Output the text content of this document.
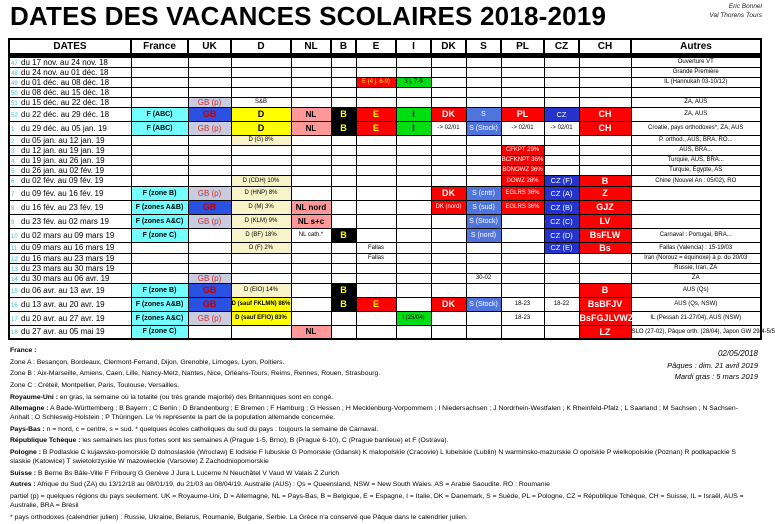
DATES DES VACANCES SCOLAIRES 2018-2019	Eric Bonnel
Val Thorens Tours
DATES	France	UK	D	NL	B	E	I	DK	S	PL	CZ	CH	Autres
47 du 17 nov. au 24 nov. 18													Ouverture VT
48 du 24 nov. au 01 déc. 18													Grande Première
49 du 01 déc. au 08 déc. 18						E (4 j. 6-9)	3 j. 7-9						IL (Hannukah 03-10/12)
50 du 08 déc. au 15 déc. 18													
51 du 15 déc. au 22 déc. 18		GB (p)	S&B										ZA, AUS
52 du 22 déc. au 29 déc. 18	F (ABC)	GB	D	NL	B	E	I	DK	S	PL	CZ	CH	ZA, AUS
1 du 29 déc. au 05 jan. 19	F (ABC)	GB (p)	D	NL	B	E	I	-> 02/01	S (Stock)	-> 02/01	-> 02/01	CH	Croatie, pays orthodoxes*, ZA, AUS
2 du 05 jan. au 12 jan. 19			D (G) 8%										P. orthod., AUS, BRA, RO...
3 du 12 jan. au 19 jan. 19										CFKPT 29%			AUS, BRA...
4 du 19 jan. au 26 jan. 19										BCFKNPT 36%			Turquie, AUS, BRA...
5 du 26 jan. au 02 fév. 19										BDNOWZ 36%			Turquie, Egypte, AS
6 du 02 fév. au 09 fév. 19			D (CDH) 10%							DOWZ 28%	CZ (F)	B	Chine (Nouvel An : 05/02), RO
7 du 09 fév. au 16 fév. 19	F (zone B)	GB (p)	D (HNP) 8%					DK	S (cntr)	EGLRS 36%	CZ (A)	Z	
8 du 16 fév. au 23 fév. 19	F (zones A&B)	GB	D (M) 3%	NL nord				DK (nord)	S (sud)	EGLRS 36%	CZ (B)	GJZ	
9 du 23 fév. au 02 mars 19	F (zones A&C)	GB (p)	D (KLM) 9%	NL s+c					S (Stock)		CZ (C)	LV	
10 du 02 mars au 09 mars 19	F (zone C)		D (BF) 18%	NL cath.*	B				S (nord)		CZ (D)	BsFLW	Carnaval : Portugal, BRA...
11 du 09 mars au 16 mars 19			D (F) 2%			Fallas					CZ (E)	Bs	Fallas (Valencia) : 15-19/03
12 du 16 mars au 23 mars 19						Fallas							Iran (Norouz = équinoxe) à p. du 20/03
13 du 23 mars au 30 mars 19													Russie, Iran, ZA
14 du 30 mars au 06 avr. 19		GB (p)							30-02				ZA
15 du 06 avr. au 13 avr. 19	F (zone B)	GB	D (EIO) 14%		B							B	AUS (Qs)
16 du 13 avr. au 20 avr. 19	F (zones A&B)	GB	D (sauf FKLMN) 86%		B	E		DK	S (Stock)	18-23	18-22	BsBFJV	AUS (Qs, NSW)
17 du 20 avr. au 27 avr. 19	F (zones A&C)	GB (p)	D (sauf EFIO) 83%				I (25/04)			18-23		BsFGJLVWZ	IL (Pessah 21-27/04), AUS (NSW)
18 du 27 avr. au 05 mai 19	F (zone C)			NL								LZ	SLO (27-02), Pâque orth. (28/04), Japon GW 29/4-5/5

France :

Zone A : Besançon, Bordeaux, Clermont-Ferrand, Dijon, Grenoble, Limoges, Lyon, Poitiers.

Zone B : Aix-Marseille, Amiens, Caen, Lille, Nancy-Metz, Nantes, Nice, Orléans-Tours, Reims, Rennes, Rouen, Strasbourg.

Zone C : Créteil, Montpellier, Paris, Toulouse, Versailles.

Royaume-Uni : en gras, la semaine où la totalité (ou très grande majorité) des Britanniques sont en congé.

Allemagne : A Bade-Württemberg ; B Bayern ; C Berlin ; D Brandenburg ; E Bremen ; F Hamburg ; G Hessen ; H Mecklenburg-Vorpommern ; I Niedersachsen ; J Nordrhein-Westfalen ; K Rheinfeld-Pfalz ; L Saarland ; M Sachsen ; N Sachsen-Anhalt ; O Schleswig-Holstein ; P Thüringen. Le % représente la part de la population allemande concernée.

Pays-Bas : n = nord, c = centre, s = sud. * quelques écoles catholiques du sud du pays : toujours la semaine de Carnaval.

République Tchèque : les semaines les plus fortes sont les semaines A (Prague 1-5, Brno), B (Prague 6-10), C (Prague banlieue) et F (Ostrava).

Pologne : B Podlaskie C kujawsko-pomorskie D dolnoslaskie (Wroclaw) E lodskie F lubuskie G Pomorskie (Gdansk) K malopolskie (Cracovie) L lubelskie (Lublin) N warminsko-mazurskie O opolskie P wielkopolskie (Poznan) R podkapackie S slaskie (Katowice) T swietokrzyskie W mazowieckie (Varsovie) Z Zachodniopomorskie

Suisse : B Berne Bs Bâle-Ville F Fribourg G Genève J Jura L Lucerne N Neuchâtel V Vaud W Valais Z Zurich

Autres : Afrique du Sud (ZA) du 13/12/18 au 08/01/19, du 21/03 au 08/04/19. Australie (AUS) : Qs = Queensland, NSW = New South Wales. AS = Arabie Saoudite. RO : Roumanie

partiel (p) = quelques régions du pays seulement. UK = Royaume-Uni, D = Allemagne, NL = Pays-Bas, B = Belgique, E = Espagne, I = Italie, DK = Danemark, S = Suède, PL = Pologne, CZ = République Tchèque, CH = Suisse, IL = Israël, AUS = Australie, BRA = Brésil

* pays orthodoxes (calendrier julien) : Russie, Ukraine, Belarus, Roumanie, Bulgarie, Serbie. La Grèce n'a conservé que Pâque dans le calendrier julien.

02/05/2018
Pâques : dim. 21 avril 2019
Mardi gras : 5 mars 2019
